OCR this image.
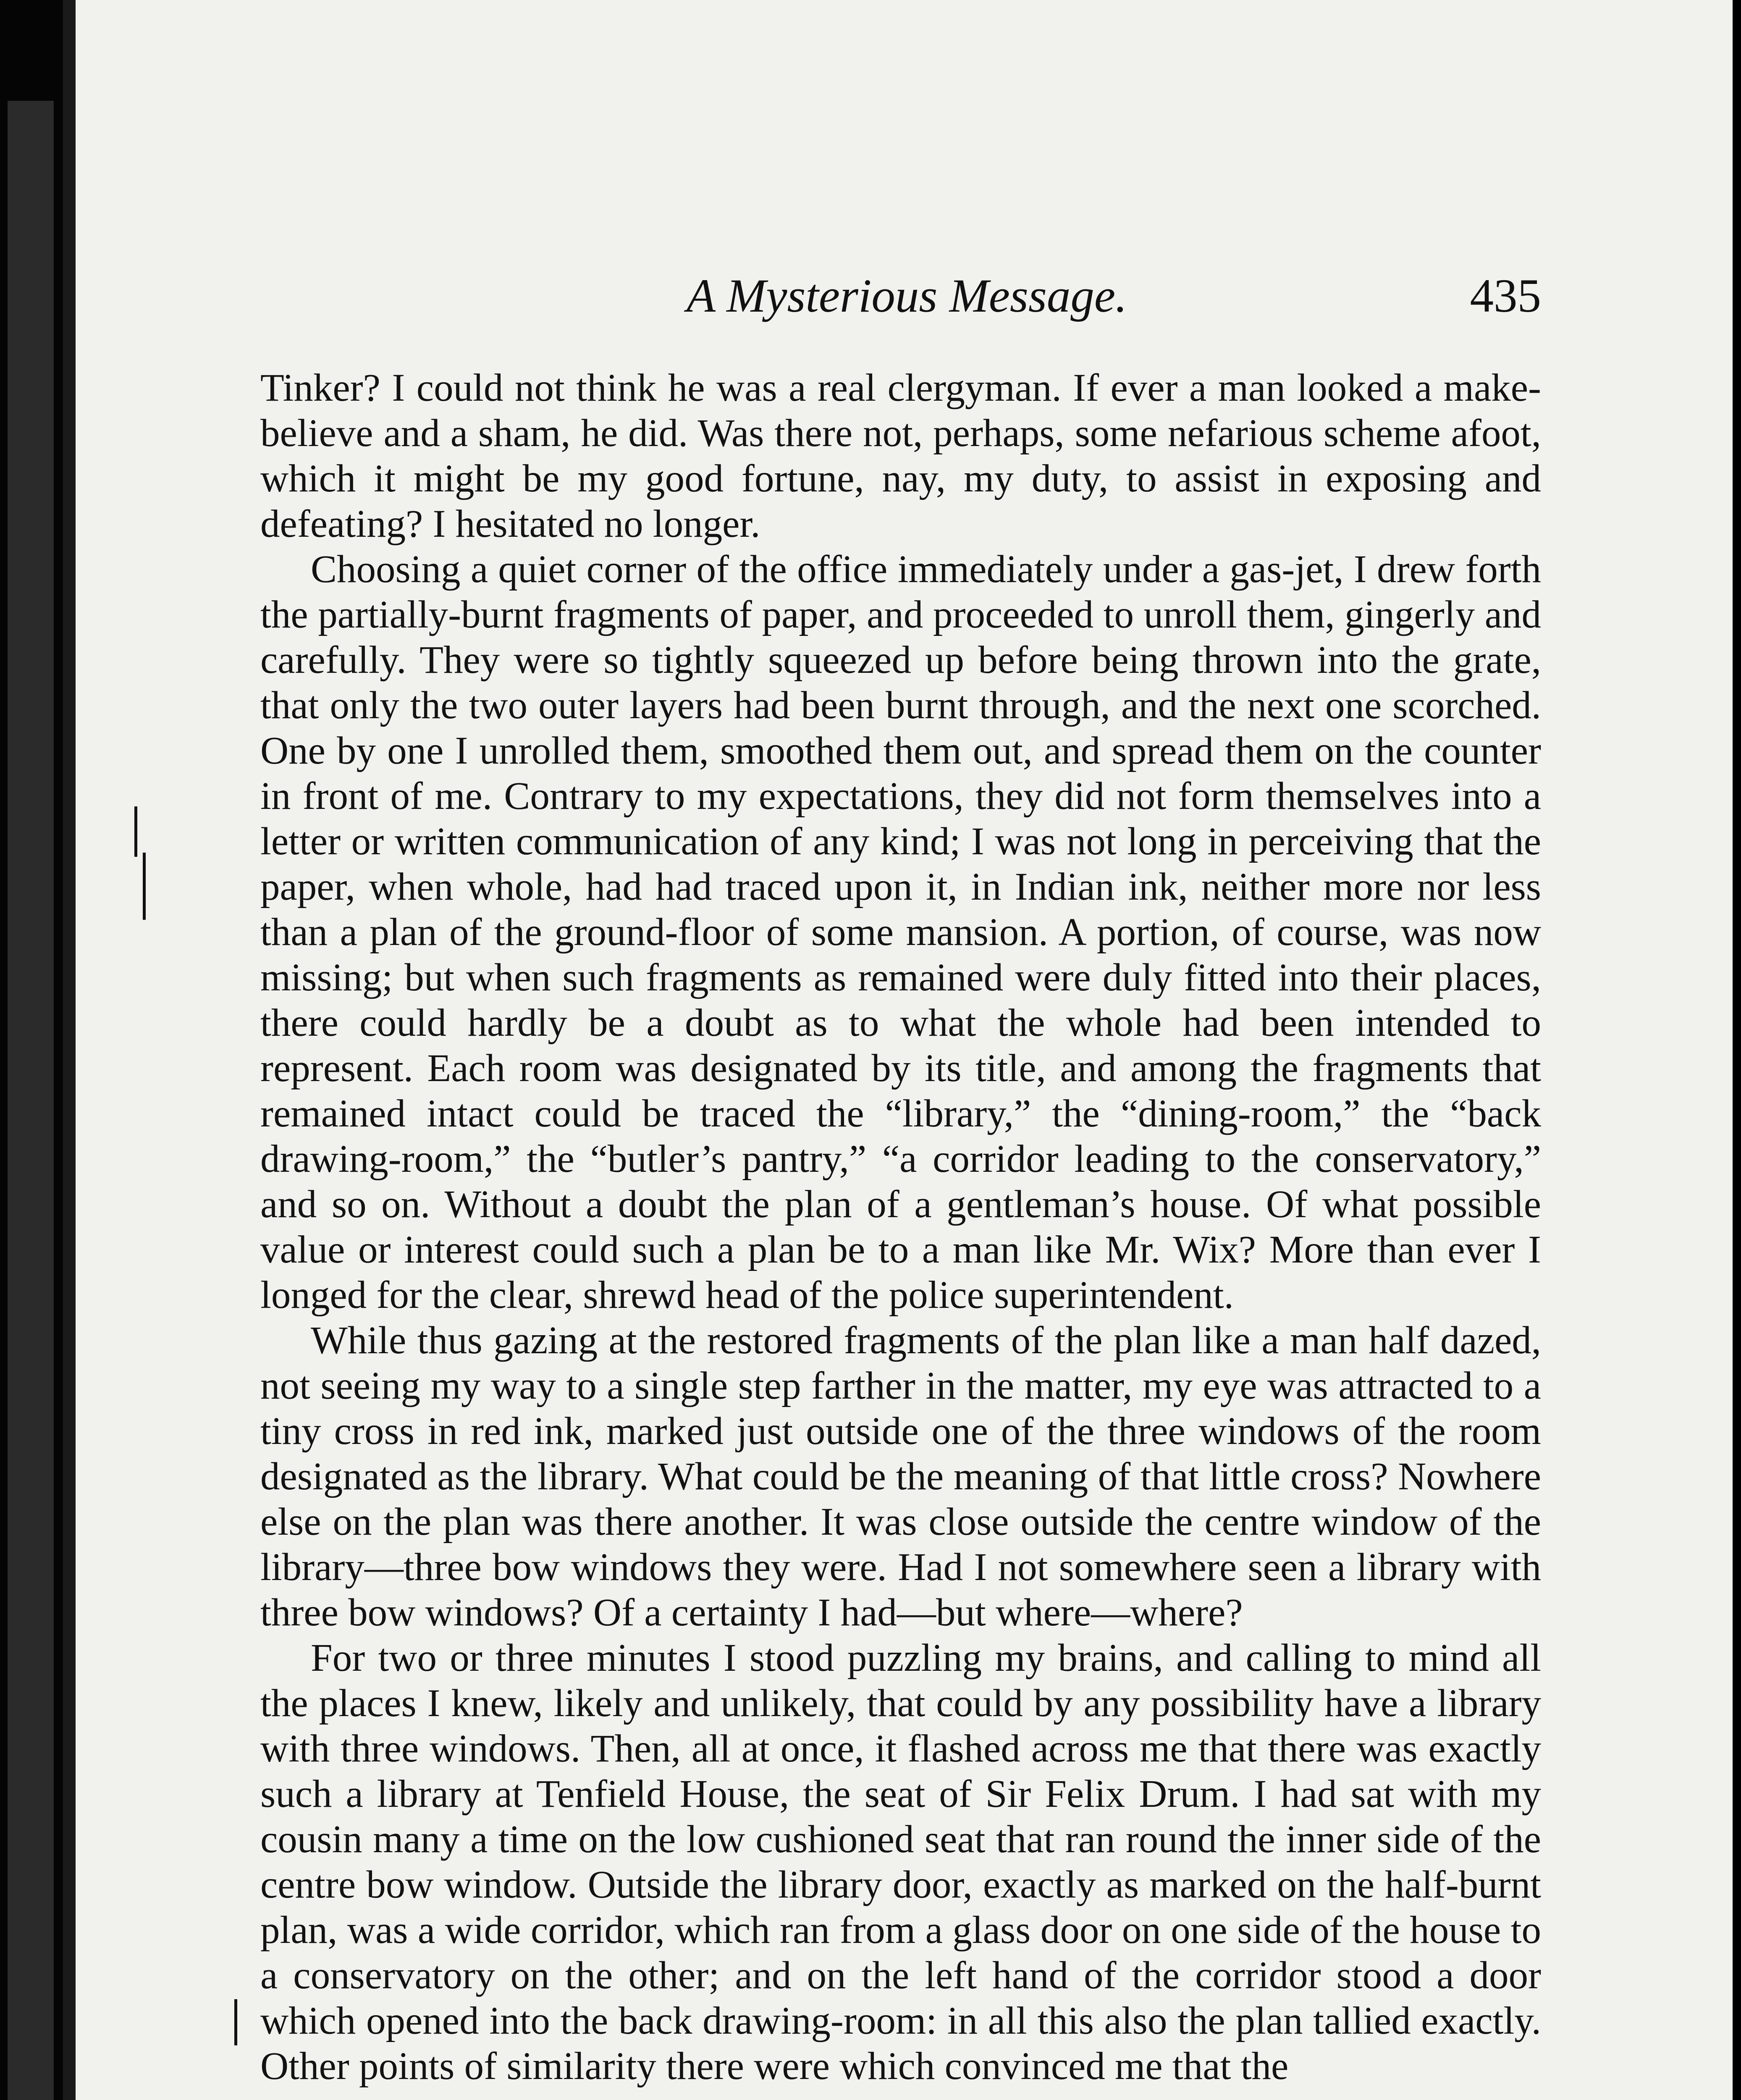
A Mysterious Message.	435

Tinker? I could not think he was a real clergyman. If ever a man looked a make-believe and a sham, he did. Was there not, perhaps, some nefarious scheme afoot, which it might be my good fortune, nay, my duty, to assist in exposing and defeating? I hesitated no longer.

Choosing a quiet corner of the office immediately under a gas-jet, I drew forth the partially-burnt fragments of paper, and proceeded to unroll them, gingerly and carefully. They were so tightly squeezed up before being thrown into the grate, that only the two outer layers had been burnt through, and the next one scorched. One by one I unrolled them, smoothed them out, and spread them on the counter in front of me. Contrary to my expectations, they did not form themselves into a letter or written communication of any kind; I was not long in perceiving that the paper, when whole, had had traced upon it, in Indian ink, neither more nor less than a plan of the ground-floor of some mansion. A portion, of course, was now missing; but when such fragments as remained were duly fitted into their places, there could hardly be a doubt as to what the whole had been intended to represent. Each room was designated by its title, and among the fragments that remained intact could be traced the “library,” the “dining-room,” the “back drawing-room,” the “butler’s pantry,” “a corridor leading to the conservatory,” and so on. Without a doubt the plan of a gentleman’s house. Of what possible value or interest could such a plan be to a man like Mr. Wix? More than ever I longed for the clear, shrewd head of the police superintendent.

While thus gazing at the restored fragments of the plan like a man half dazed, not seeing my way to a single step farther in the matter, my eye was attracted to a tiny cross in red ink, marked just outside one of the three windows of the room designated as the library. What could be the meaning of that little cross? Nowhere else on the plan was there another. It was close outside the centre window of the library—three bow windows they were. Had I not somewhere seen a library with three bow windows? Of a certainty I had—but where—where?

For two or three minutes I stood puzzling my brains, and calling to mind all the places I knew, likely and unlikely, that could by any possibility have a library with three windows. Then, all at once, it flashed across me that there was exactly such a library at Tenfield House, the seat of Sir Felix Drum. I had sat with my cousin many a time on the low cushioned seat that ran round the inner side of the centre bow window. Outside the library door, exactly as marked on the half-burnt plan, was a wide corridor, which ran from a glass door on one side of the house to a conservatory on the other; and on the left hand of the corridor stood a door which opened into the back drawing-room: in all this also the plan tallied exactly. Other points of similarity there were which convinced me that the
